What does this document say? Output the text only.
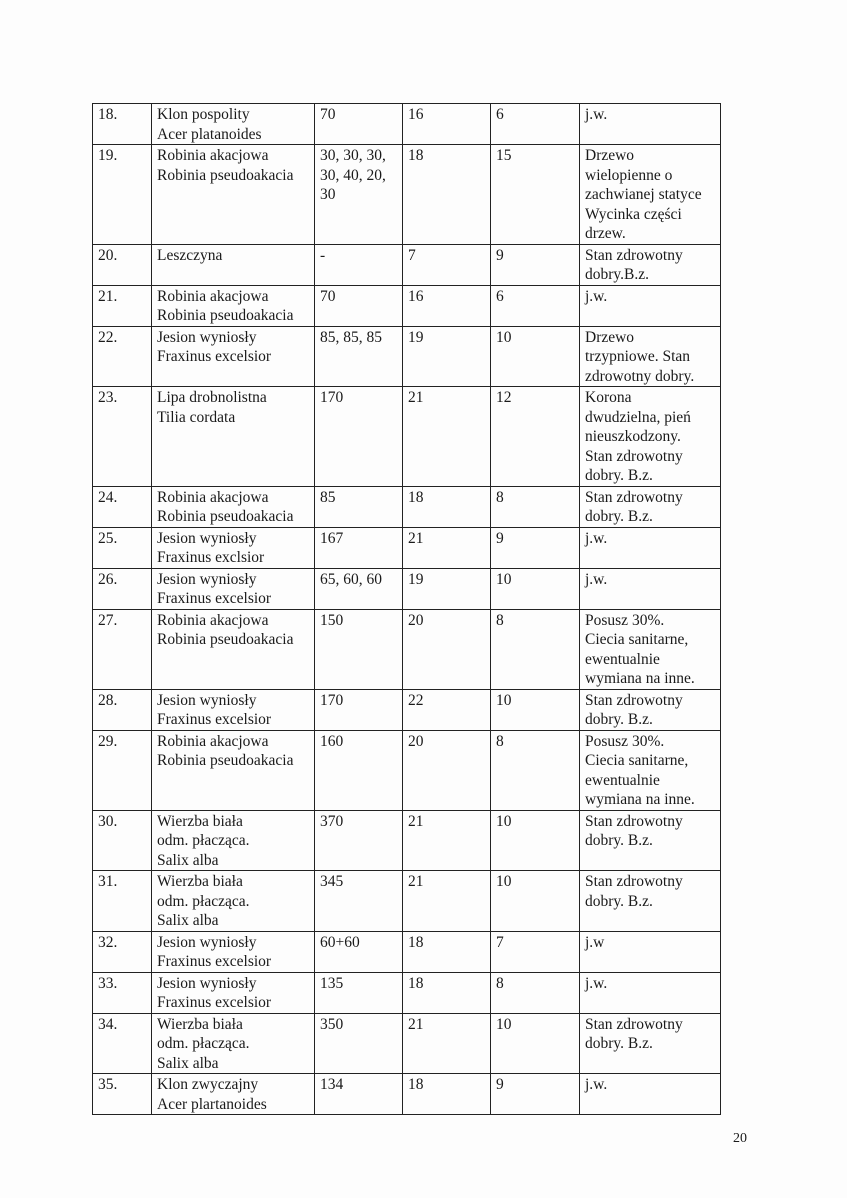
18.	Klon pospolity
Acer platanoides	70	16	6	j.w.
19.	Robinia akacjowa
Robinia pseudoakacia	30, 30, 30,
30, 40, 20,
30	18	15	Drzewo
wielopienne o
zachwianej statyce
Wycinka części
drzew.
20.	Leszczyna	-	7	9	Stan zdrowotny
dobry.B.z.
21.	Robinia akacjowa
Robinia pseudoakacia	70	16	6	j.w.
22.	Jesion wyniosły
Fraxinus excelsior	85, 85, 85	19	10	Drzewo
trzypniowe. Stan
zdrowotny dobry.
23.	Lipa drobnolistna
Tilia cordata	170	21	12	Korona
dwudzielna, pień
nieuszkodzony.
Stan zdrowotny
dobry. B.z.
24.	Robinia akacjowa
Robinia pseudoakacia	85	18	8	Stan zdrowotny
dobry. B.z.
25.	Jesion wyniosły
Fraxinus exclsior	167	21	9	j.w.
26.	Jesion wyniosły
Fraxinus excelsior	65, 60, 60	19	10	j.w.
27.	Robinia akacjowa
Robinia pseudoakacia	150	20	8	Posusz 30%.
Ciecia sanitarne,
ewentualnie
wymiana na inne.
28.	Jesion wyniosły
Fraxinus excelsior	170	22	10	Stan zdrowotny
dobry. B.z.
29.	Robinia akacjowa
Robinia pseudoakacia	160	20	8	Posusz 30%.
Ciecia sanitarne,
ewentualnie
wymiana na inne.
30.	Wierzba biała
odm. płacząca.
Salix alba	370	21	10	Stan zdrowotny
dobry. B.z.
31.	Wierzba biała
odm. płacząca.
Salix alba	345	21	10	Stan zdrowotny
dobry. B.z.
32.	Jesion wyniosły
Fraxinus excelsior	60+60	18	7	j.w
33.	Jesion wyniosły
Fraxinus excelsior	135	18	8	j.w.
34.	Wierzba biała
odm. płacząca.
Salix alba	350	21	10	Stan zdrowotny
dobry. B.z.
35.	Klon zwyczajny
Acer plartanoides	134	18	9	j.w.
20
